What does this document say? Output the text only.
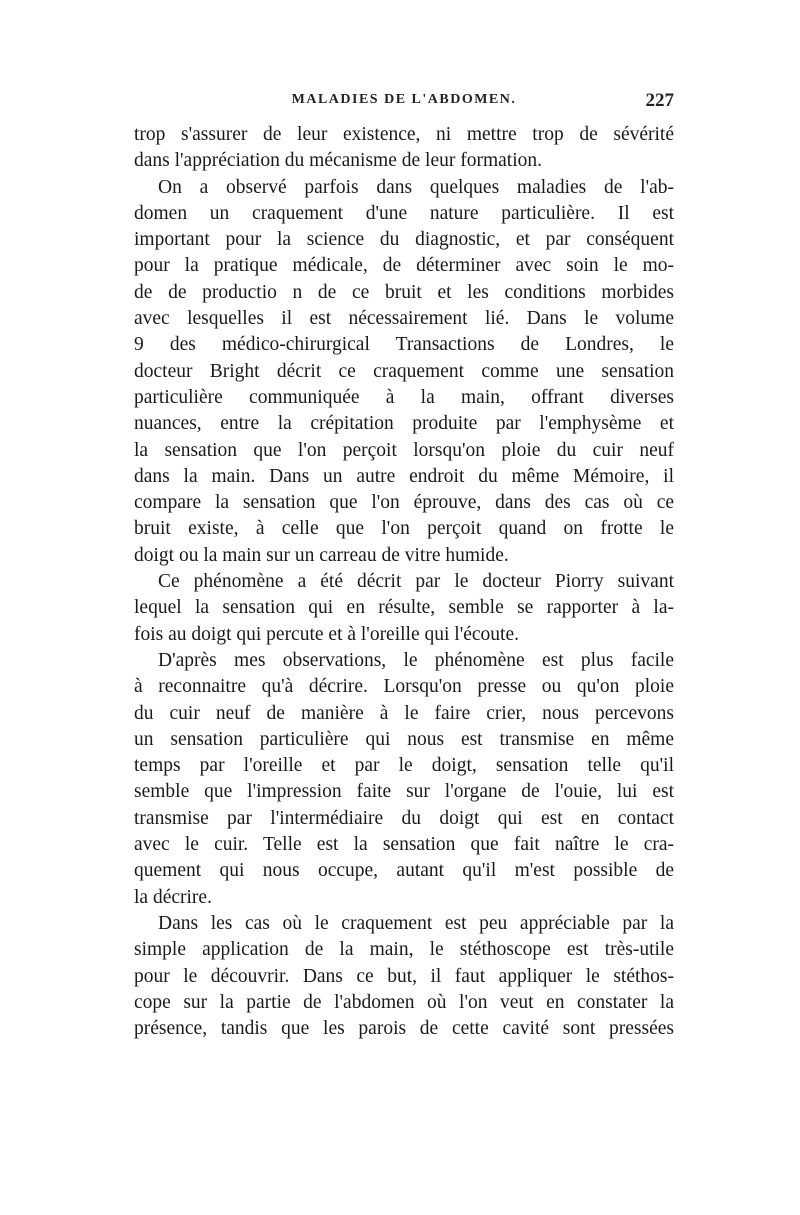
MALADIES DE L'ABDOMEN.	227
trop s'assurer de leur existence, ni mettre trop de sévérité
dans l'appréciation du mécanisme de leur formation.
On a observé parfois dans quelques maladies de l'ab-
domen un craquement d'une nature particulière. Il est
important pour la science du diagnostic, et par conséquent
pour la pratique médicale, de déterminer avec soin le mo-
de de productio n de ce bruit et les conditions morbides
avec lesquelles il est nécessairement lié. Dans le volume
9 des médico-chirurgical Transactions de Londres, le
docteur Bright décrit ce craquement comme une sensation
particulière communiquée à la main, offrant diverses
nuances, entre la crépitation produite par l'emphysème et
la sensation que l'on perçoit lorsqu'on ploie du cuir neuf
dans la main. Dans un autre endroit du même Mémoire, il
compare la sensation que l'on éprouve, dans des cas où ce
bruit existe, à celle que l'on perçoit quand on frotte le
doigt ou la main sur un carreau de vitre humide.
Ce phénomène a été décrit par le docteur Piorry suivant
lequel la sensation qui en résulte, semble se rapporter à la-
fois au doigt qui percute et à l'oreille qui l'écoute.
D'après mes observations, le phénomène est plus facile
à reconnaitre qu'à décrire. Lorsqu'on presse ou qu'on ploie
du cuir neuf de manière à le faire crier, nous percevons
un sensation particulière qui nous est transmise en même
temps par l'oreille et par le doigt, sensation telle qu'il
semble que l'impression faite sur l'organe de l'ouie, lui est
transmise par l'intermédiaire du doigt qui est en contact
avec le cuir. Telle est la sensation que fait naître le cra-
quement qui nous occupe, autant qu'il m'est possible de
la décrire.
Dans les cas où le craquement est peu appréciable par la
simple application de la main, le stéthoscope est très-utile
pour le découvrir. Dans ce but, il faut appliquer le stéthos-
cope sur la partie de l'abdomen où l'on veut en constater la
présence, tandis que les parois de cette cavité sont pressées
